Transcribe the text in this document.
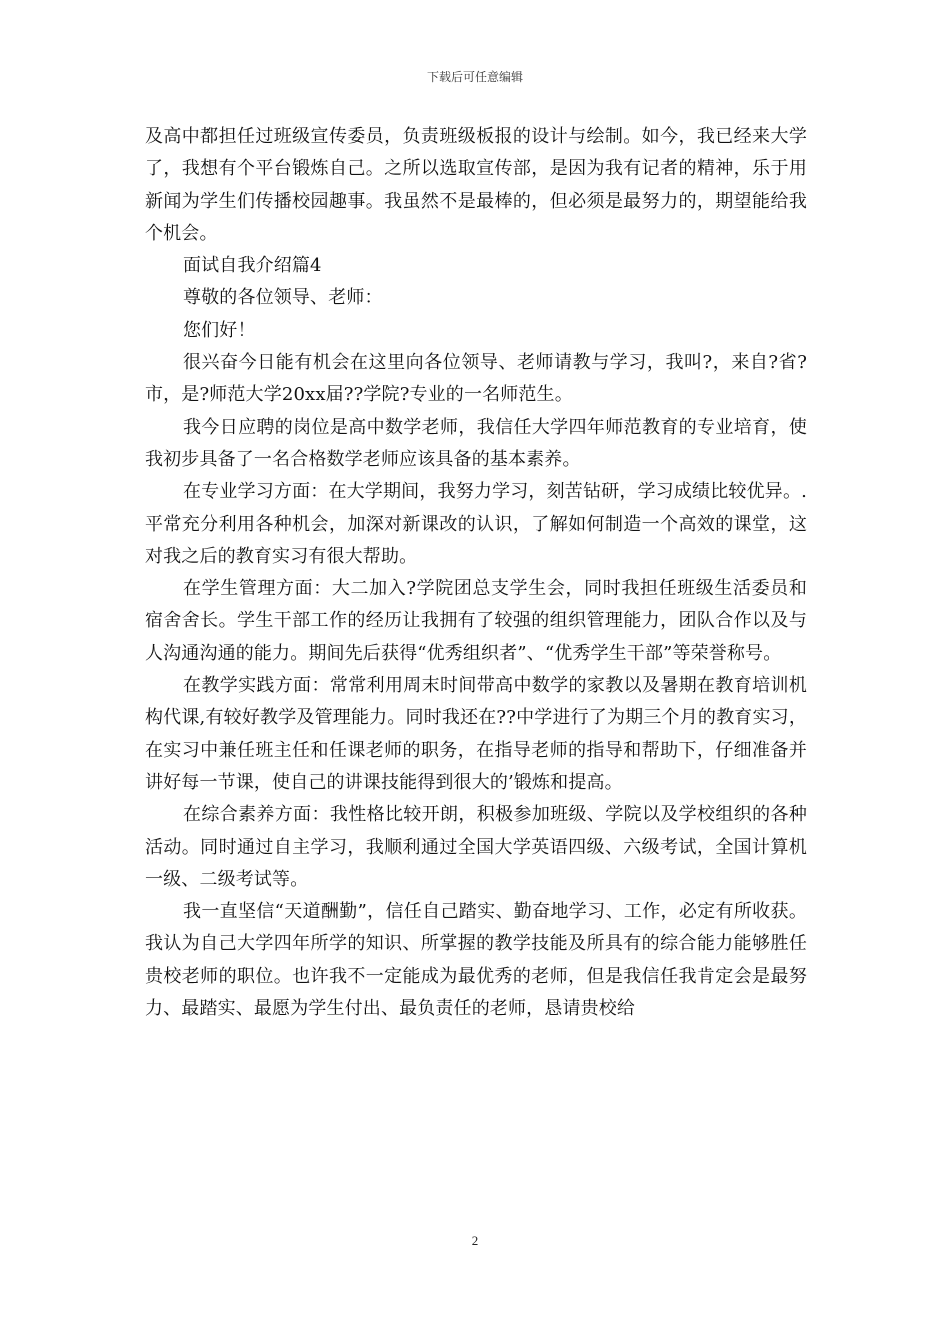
下载后可任意编辑

及高中都担任过班级宣传委员，负责班级板报的设计与绘制。如今，我已经来大学了，我想有个平台锻炼自己。之所以选取宣传部，是因为我有记者的精神，乐于用新闻为学生们传播校园趣事。我虽然不是最棒的，但必须是最努力的，期望能给我个机会。

面试自我介绍篇4

尊敬的各位领导、老师：

您们好！

很兴奋今日能有机会在这里向各位领导、老师请教与学习，我叫?，来自?省?市，是?师范大学20xx届??学院?专业的一名师范生。

我今日应聘的岗位是高中数学老师，我信任大学四年师范教育的专业培育，使我初步具备了一名合格数学老师应该具备的基本素养。

在专业学习方面：在大学期间，我努力学习，刻苦钻研，学习成绩比较优异。. 平常充分利用各种机会，加深对新课改的认识，了解如何制造一个高效的课堂，这对我之后的教育实习有很大帮助。

在学生管理方面：大二加入?学院团总支学生会，同时我担任班级生活委员和宿舍舍长。学生干部工作的经历让我拥有了较强的组织管理能力，团队合作以及与人沟通沟通的能力。期间先后获得“优秀组织者”、“优秀学生干部”等荣誉称号。

在教学实践方面：常常利用周末时间带高中数学的家教以及暑期在教育培训机构代课,有较好教学及管理能力。同时我还在??中学进行了为期三个月的教育实习，在实习中兼任班主任和任课老师的职务，在指导老师的指导和帮助下，仔细准备并讲好每一节课，使自己的讲课技能得到很大的’锻炼和提高。

在综合素养方面：我性格比较开朗，积极参加班级、学院以及学校组织的各种活动。同时通过自主学习，我顺利通过全国大学英语四级、六级考试，全国计算机一级、二级考试等。

我一直坚信“天道酬勤”，信任自己踏实、勤奋地学习、工作，必定有所收获。我认为自己大学四年所学的知识、所掌握的教学技能及所具有的综合能力能够胜任贵校老师的职位。也许我不一定能成为最优秀的老师，但是我信任我肯定会是最努力、最踏实、最愿为学生付出、最负责任的老师，恳请贵校给

2
